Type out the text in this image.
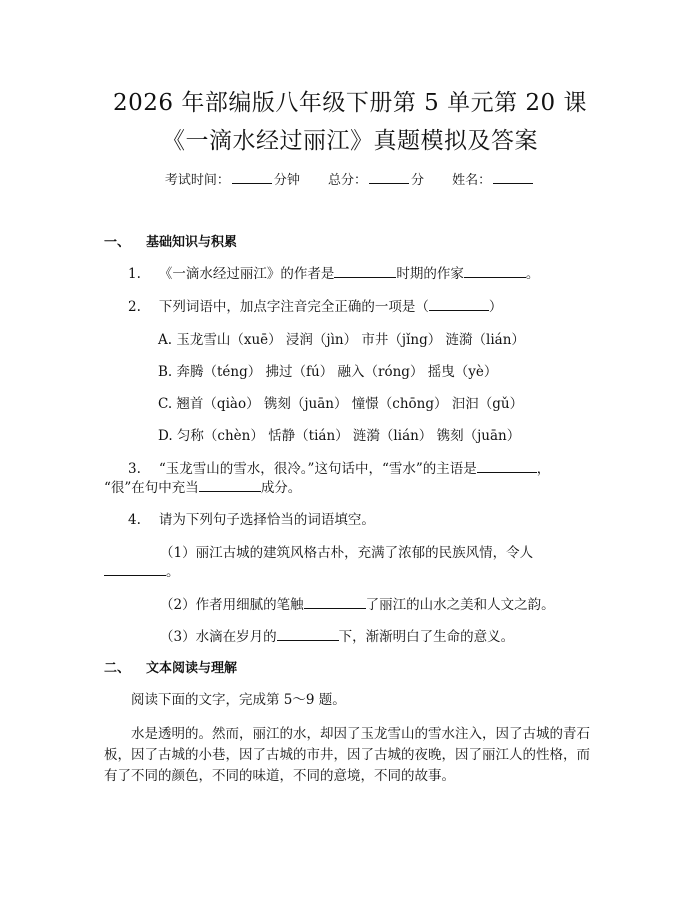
2026 年部编版八年级下册第 5 单元第 20 课
《一滴水经过丽江》真题模拟及答案
考试时间：	分钟 总分：	分 姓名：
一、 基础知识与积累
1. 《一滴水经过丽江》的作者是	时期的作家	。
2. 下列词语中，加点字注音完全正确的一项是（	）
A. 玉龙雪山（xuē） 浸润（jìn） 市井（jǐng） 涟漪（lián）
B. 奔腾（téng） 拂过（fú） 融入（róng） 摇曳（yè）
C. 翘首（qiào） 镌刻（juān） 憧憬（chōng） 汩汩（gǔ）
D. 匀称（chèn） 恬静（tián） 涟漪（lián） 镌刻（juān）
3. “玉龙雪山的雪水，很冷。”这句话中，“雪水”的主语是	，
“很”在句中充当	成分。
4. 请为下列句子选择恰当的词语填空。
（1）丽江古城的建筑风格古朴，充满了浓郁的民族风情，令人
。
（2）作者用细腻的笔触	了丽江的山水之美和人文之韵。
（3）水滴在岁月的	下，渐渐明白了生命的意义。
二、 文本阅读与理解
阅读下面的文字，完成第 5～9 题。
水是透明的。然而，丽江的水，却因了玉龙雪山的雪水注入，因了古城的青石
板，因了古城的小巷，因了古城的市井，因了古城的夜晚，因了丽江人的性格，而
有了不同的颜色，不同的味道，不同的意境，不同的故事。
